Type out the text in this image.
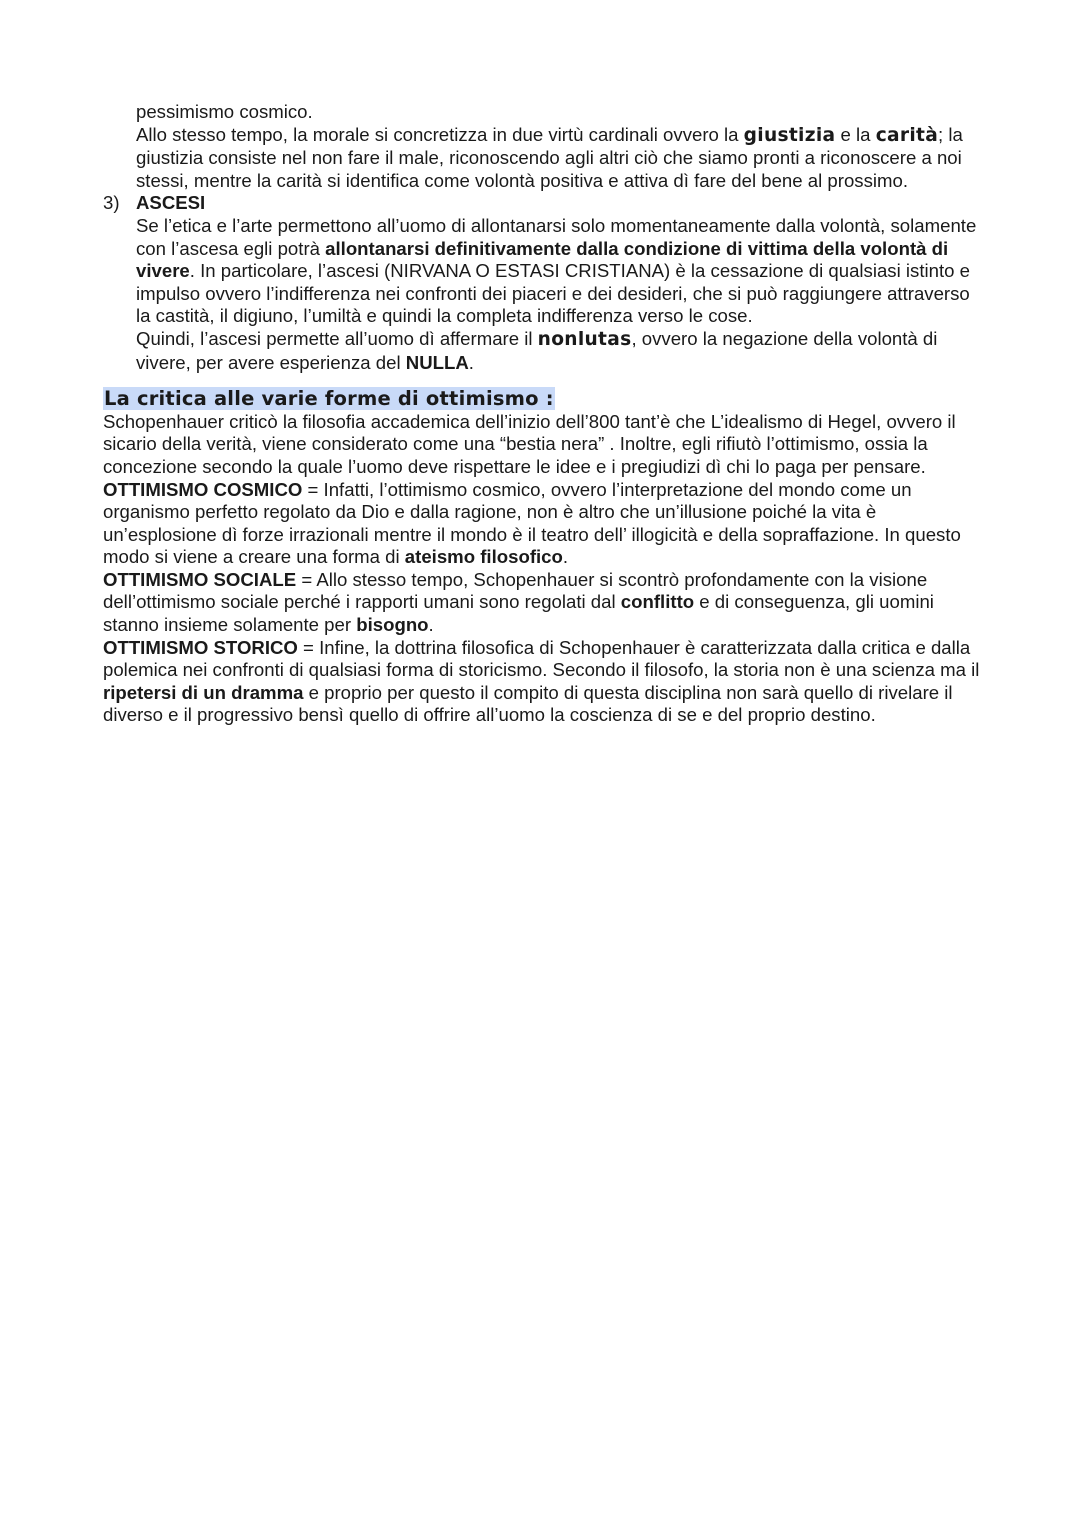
pessimismo cosmico.

Allo stesso tempo, la morale si concretizza in due virtù cardinali ovvero la giustizia e la carità; la giustizia consiste nel non fare il male, riconoscendo agli altri ciò che siamo pronti a riconoscere a noi stessi, mentre la carità si identifica come volontà positiva e attiva dì fare del bene al prossimo.

3) ASCESI

Se l’etica e l’arte permettono all’uomo di allontanarsi solo momentaneamente dalla volontà, solamente con l’ascesa egli potrà allontanarsi definitivamente dalla condizione di vittima della volontà di vivere. In particolare, l’ascesi (NIRVANA O ESTASI CRISTIANA) è la cessazione di qualsiasi istinto e impulso ovvero l’indifferenza nei confronti dei piaceri e dei desideri, che si può raggiungere attraverso la castità, il digiuno, l’umiltà e quindi la completa indifferenza verso le cose.

Quindi, l’ascesi permette all’uomo dì affermare il nonlutas, ovvero la negazione della volontà di vivere, per avere esperienza del NULLA.

La critica alle varie forme di ottimismo :

Schopenhauer criticò la filosofia accademica dell’inizio dell’800 tant’è che L’idealismo di Hegel, ovvero il sicario della verità, viene considerato come una “bestia nera” . Inoltre, egli rifiutò l’ottimismo, ossia la concezione secondo la quale l’uomo deve rispettare le idee e i pregiudizi dì chi lo paga per pensare.

OTTIMISMO COSMICO = Infatti, l’ottimismo cosmico, ovvero l’interpretazione del mondo come un organismo perfetto regolato da Dio e dalla ragione, non è altro che un’illusione poiché la vita è un’esplosione dì forze irrazionali mentre il mondo è il teatro dell’ illogicità e della sopraffazione. In questo modo si viene a creare una forma di ateismo filosofico.

OTTIMISMO SOCIALE = Allo stesso tempo, Schopenhauer si scontrò profondamente con la visione dell’ottimismo sociale perché i rapporti umani sono regolati dal conflitto e di conseguenza, gli uomini stanno insieme solamente per bisogno.

OTTIMISMO STORICO = Infine, la dottrina filosofica di Schopenhauer è caratterizzata dalla critica e dalla polemica nei confronti di qualsiasi forma di storicismo. Secondo il filosofo, la storia non è una scienza ma il ripetersi di un dramma e proprio per questo il compito di questa disciplina non sarà quello di rivelare il diverso e il progressivo bensì quello di offrire all’uomo la coscienza di se e del proprio destino.
